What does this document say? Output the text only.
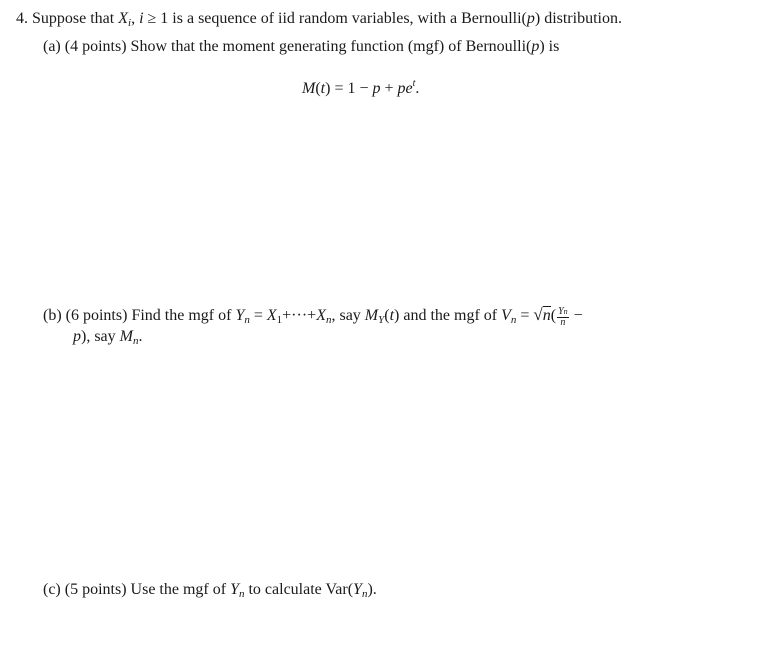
4. Suppose that $X_i$, i ≥ 1 is a sequence of iid random variables, with a Bernoulli(p) distribution.
(a) (4 points) Show that the moment generating function (mgf) of Bernoulli(p) is
$M(t) = 1 - p + pe^t$.
(b) (6 points) Find the mgf of $Y_n = X_1+\cdot\cdot\cdot+X_n$, say $M_Y(t)$ and the mgf of $V_n = √n( \frac{Yn}{n}$ −
p), say $M_n$.
(c) (5 points) Use the mgf of $Y_n$ to calculate $Var(Y_n)$.
